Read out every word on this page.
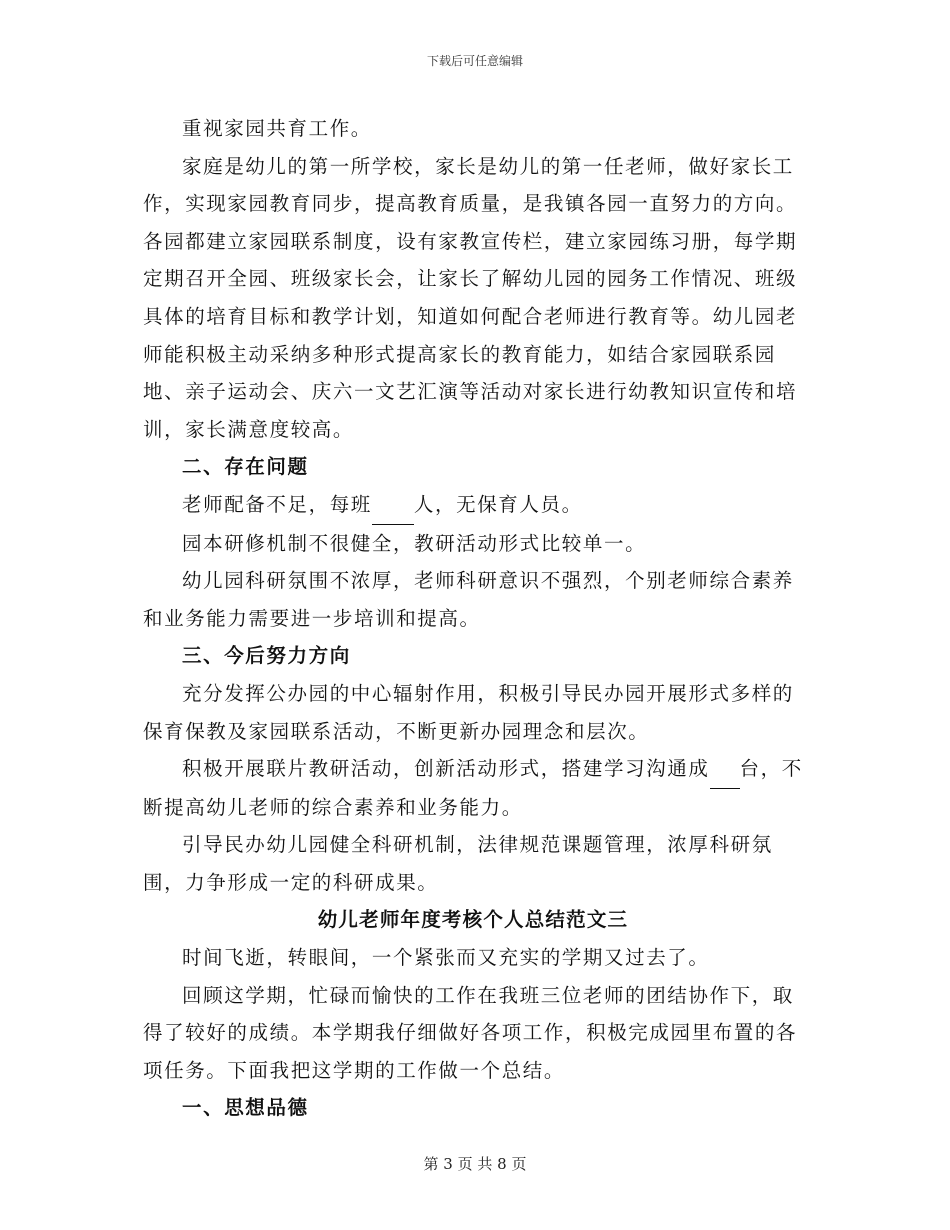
下载后可任意编辑

重视家园共育工作。

家庭是幼儿的第一所学校，家长是幼儿的第一任老师，做好家长工作，实现家园教育同步，提高教育质量，是我镇各园一直努力的方向。各园都建立家园联系制度，设有家教宣传栏，建立家园练习册，每学期定期召开全园、班级家长会，让家长了解幼儿园的园务工作情况、班级具体的培育目标和教学计划，知道如何配合老师进行教育等。幼儿园老师能积极主动采纳多种形式提高家长的教育能力，如结合家园联系园地、亲子运动会、庆六一文艺汇演等活动对家长进行幼教知识宣传和培训，家长满意度较高。

二、存在问题

老师配备不足，每班 人，无保育人员。

园本研修机制不很健全，教研活动形式比较单一。

幼儿园科研氛围不浓厚，老师科研意识不强烈，个别老师综合素养和业务能力需要进一步培训和提高。

三、今后努力方向

充分发挥公办园的中心辐射作用，积极引导民办园开展形式多样的保育保教及家园联系活动，不断更新办园理念和层次。

积极开展联片教研活动，创新活动形式，搭建学习沟通成 台，不断提高幼儿老师的综合素养和业务能力。

引导民办幼儿园健全科研机制，法律规范课题管理，浓厚科研氛围，力争形成一定的科研成果。

幼儿老师年度考核个人总结范文三

时间飞逝，转眼间，一个紧张而又充实的学期又过去了。

回顾这学期，忙碌而愉快的工作在我班三位老师的团结协作下，取得了较好的成绩。本学期我仔细做好各项工作，积极完成园里布置的各项任务。下面我把这学期的工作做一个总结。

一、思想品德

第 3 页 共 8 页
